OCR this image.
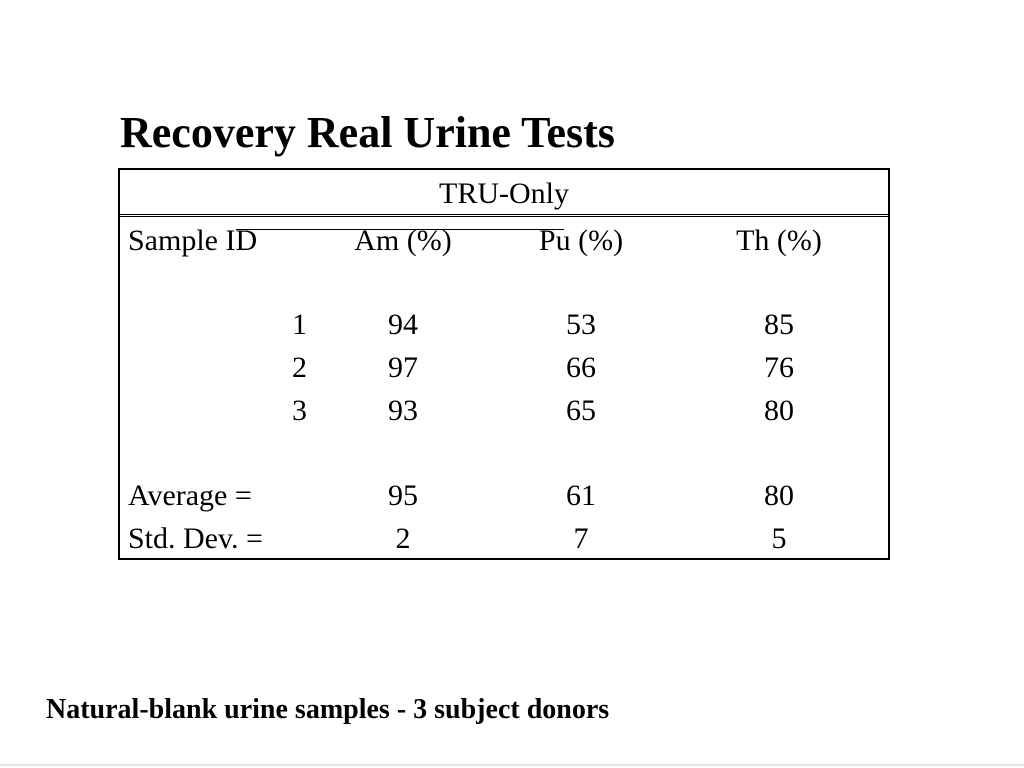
Recovery Real Urine Tests
TRU-Only
Sample ID	Am (%)	Pu (%)	Th (%)
1	94	53	85
2	97	66	76
3	93	65	80
Average =	95	61	80
Std. Dev. =	2	7	5
Natural-blank urine samples - 3 subject donors
